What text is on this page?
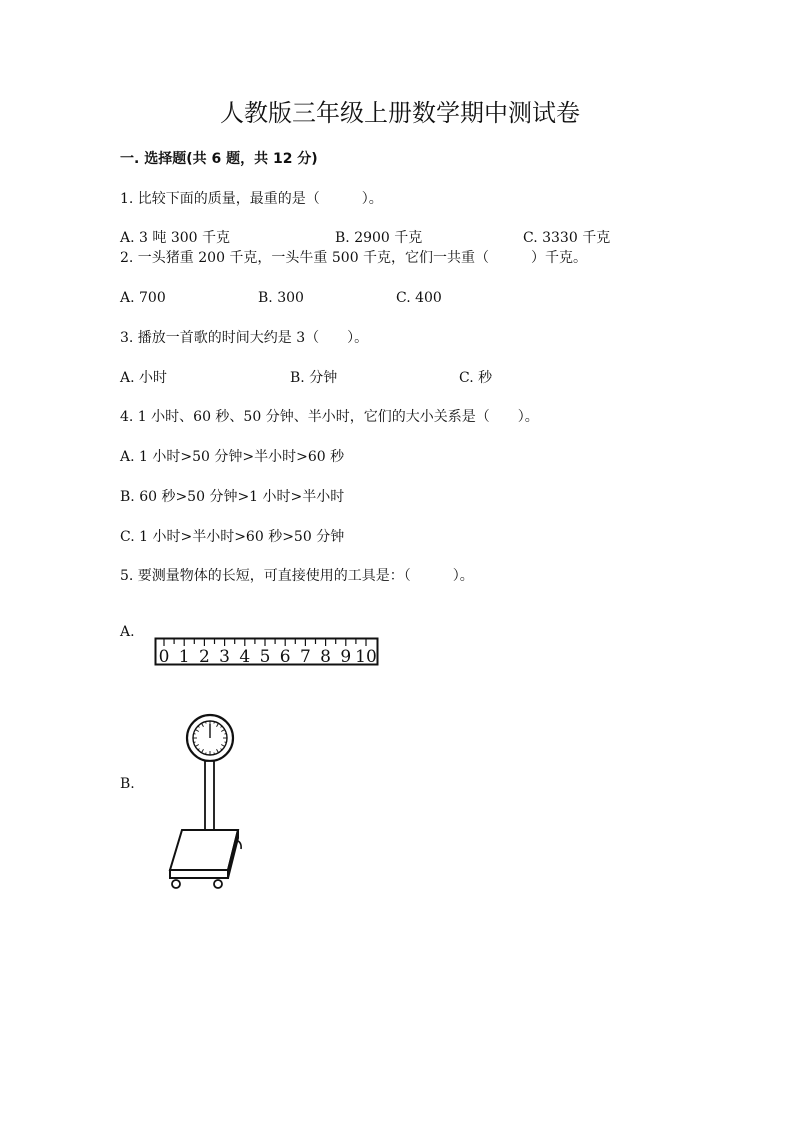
人教版三年级上册数学期中测试卷
一. 选择题(共 6 题，共 12 分)
1. 比较下面的质量，最重的是（　　　）。
A. 3 吨 300 千克	B. 2900 千克	C. 3330 千克
2. 一头猪重 200 千克，一头牛重 500 千克，它们一共重（　　　）千克。
A. 700	B. 300	C. 400
3. 播放一首歌的时间大约是 3（　　）。
A. 小时	B. 分钟	C. 秒
4. 1 小时、60 秒、50 分钟、半小时，它们的大小关系是（　　）。
A. 1 小时>50 分钟>半小时>60 秒
B. 60 秒>50 分钟>1 小时>半小时
C. 1 小时>半小时>60 秒>50 分钟
5. 要测量物体的长短，可直接使用的工具是：（　　　）。
A.
B.
0 1 2 3 4 5 6 7 8 9 10
